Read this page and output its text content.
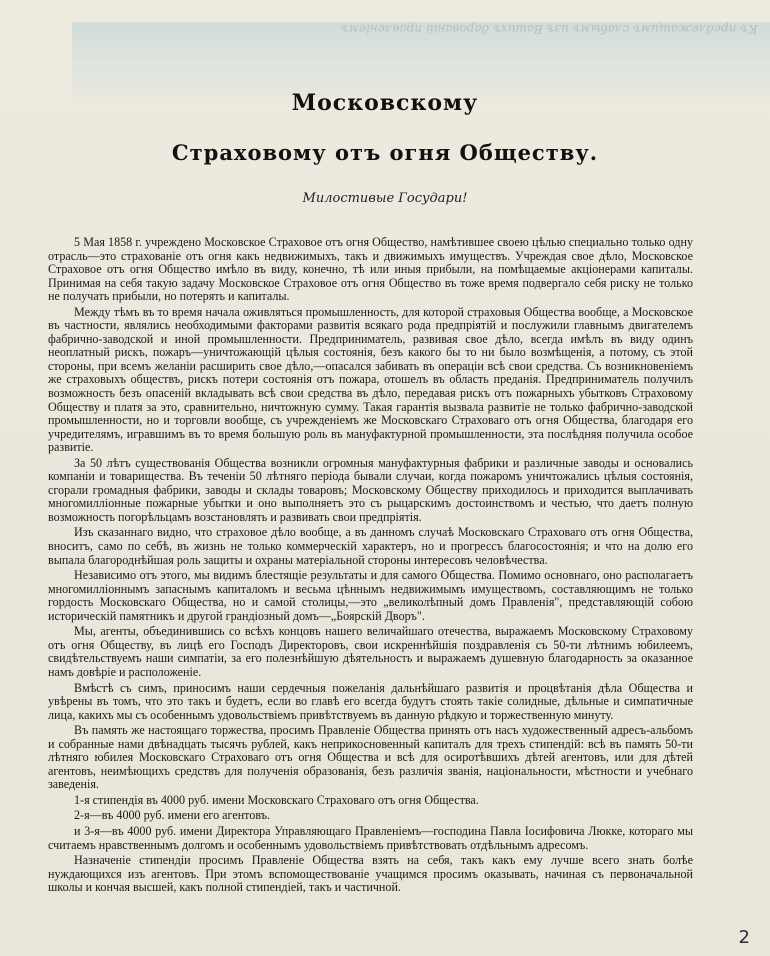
Къ предлежащимъ слабымъ изъ Вашихъ дарованій правленіемъ
Московскому
Страховому отъ огня Обществу.
Милостивые Государи!

5 Мая 1858 г. учреждено Московское Страховое отъ огня Общество, намѣтившее своею цѣлью специально только одну отрасль—это страхованіе отъ огня какъ недвижимыхъ, такъ и движимыхъ имуществъ. Учреждая свое дѣло, Московское Страховое отъ огня Общество имѣло въ виду, конечно, тѣ или иныя прибыли, на помѣщаемые акціонерами капиталы. Принимая на себя такую задачу Московское Страховое отъ огня Общество въ тоже время подвергало себя риску не только не получать прибыли, но потерять и капиталы.

Между тѣмъ въ то время начала оживляться промышленность, для которой страховыя Общества вообще, а Московское въ частности, являлись необходимыми факторами развитія всякаго рода предпріятій и послужили главнымъ двигателемъ фабрично-заводской и иной промышленности. Предприниматель, развивая свое дѣло, всегда имѣлъ въ виду одинъ неоплатный рискъ, пожаръ—уничтожающій цѣлыя состоянія, безъ какого бы то ни было возмѣщенія, а потому, съ этой стороны, при всемъ желаніи расширить свое дѣло,—опасался забивать въ операціи всѣ свои средства. Съ возникновеніемъ же страховыхъ обществъ, рискъ потери состоянія отъ пожара, отошелъ въ область преданія. Предприниматель получилъ возможность безъ опасеній вкладывать всѣ свои средства въ дѣло, передавая рискъ отъ пожарныхъ убытковъ Страховому Обществу и платя за это, сравнительно, ничтожную сумму. Такая гарантія вызвала развитіе не только фабрично-заводской промышленности, но и торговли вообще, съ учрежденіемъ же Московскаго Страховаго отъ огня Общества, благодаря его учредителямъ, игравшимъ въ то время большую роль въ мануфактурной промышленности, эта послѣдняя получила особое развитіе.

За 50 лѣтъ существованія Общества возникли огромныя мануфактурныя фабрики и различные заводы и основались компаніи и товарищества. Въ теченіи 50 лѣтняго періода бывали случаи, когда пожаромъ уничтожались цѣлыя состоянія, сгорали громадныя фабрики, заводы и склады товаровъ; Московскому Обществу приходилось и приходится выплачивать многомилліонные пожарные убытки и оно выполняетъ это съ рыцарскимъ достоинствомъ и честью, что даетъ полную возможность погорѣльцамъ возстановлять и развивать свои предпріятія.

Изъ сказаннаго видно, что страховое дѣло вообще, а въ данномъ случаѣ Московскаго Страховаго отъ огня Общества, вноситъ, само по себѣ, въ жизнь не только коммерческій характеръ, но и прогрессъ благосостоянія; и что на долю его выпала благороднѣйшая роль защиты и охраны матеріальной стороны интересовъ человѣчества.

Независимо отъ этого, мы видимъ блестящіе результаты и для самого Общества. Помимо основнаго, оно располагаетъ многомилліоннымъ запаснымъ капиталомъ и весьма цѣннымъ недвижимымъ имуществомъ, составляющимъ не только гордость Московскаго Общества, но и самой столицы,—это „великолѣпный домъ Правленія", представляющій собою историческій памятникъ и другой грандіозный домъ—„Боярскій Дворъ".

Мы, агенты, объединившись со всѣхъ концовъ нашего величайшаго отечества, выражаемъ Московскому Страховому отъ огня Обществу, въ лицѣ его Господъ Директоровъ, свои искреннѣйшія поздравленія съ 50-ти лѣтнимъ юбилеемъ, свидѣтельствуемъ наши симпатіи, за его полезнѣйшую дѣятельность и выражаемъ душевную благодарность за оказанное намъ довѣріе и расположеніе.

Вмѣстѣ съ симъ, приносимъ наши сердечныя пожеланія дальнѣйшаго развитія и процвѣтанія дѣла Общества и увѣрены въ томъ, что это такъ и будетъ, если во главѣ его всегда будутъ стоять такіе солидные, дѣльные и симпатичные лица, какихъ мы съ особеннымъ удовольствіемъ привѣтствуемъ въ данную рѣдкую и торжественную минуту.

Въ память же настоящаго торжества, просимъ Правленіе Общества принять отъ насъ художественный адресъ-альбомъ и собранные нами двѣнадцать тысячъ рублей, какъ неприкосновенный капиталъ для трехъ стипендій: всѣ въ память 50-ти лѣтняго юбилея Московскаго Страховаго отъ огня Общества и всѣ для осиротѣвшихъ дѣтей агентовъ, или для дѣтей агентовъ, неимѣющихъ средствъ для полученія образованія, безъ различія званія, національности, мѣстности и учебнаго заведенія.

1-я стипендія въ 4000 руб. имени Московскаго Страховаго отъ огня Общества.

2-я—въ 4000 руб. имени его агентовъ.

и 3-я—въ 4000 руб. имени Директора Управляющаго Правленіемъ—господина Павла Іосифовича Люкке, котораго мы считаемъ нравственнымъ долгомъ и особеннымъ удовольствіемъ привѣтствовать отдѣльнымъ адресомъ.

Назначеніе стипендіи просимъ Правленіе Общества взять на себя, такъ какъ ему лучше всего знать болѣе нуждающихся изъ агентовъ. При этомъ вспомоществованіе учащимся просимъ оказывать, начиная съ первоначальной школы и кончая высшей, какъ полной стипендіей, такъ и частичной.

2
